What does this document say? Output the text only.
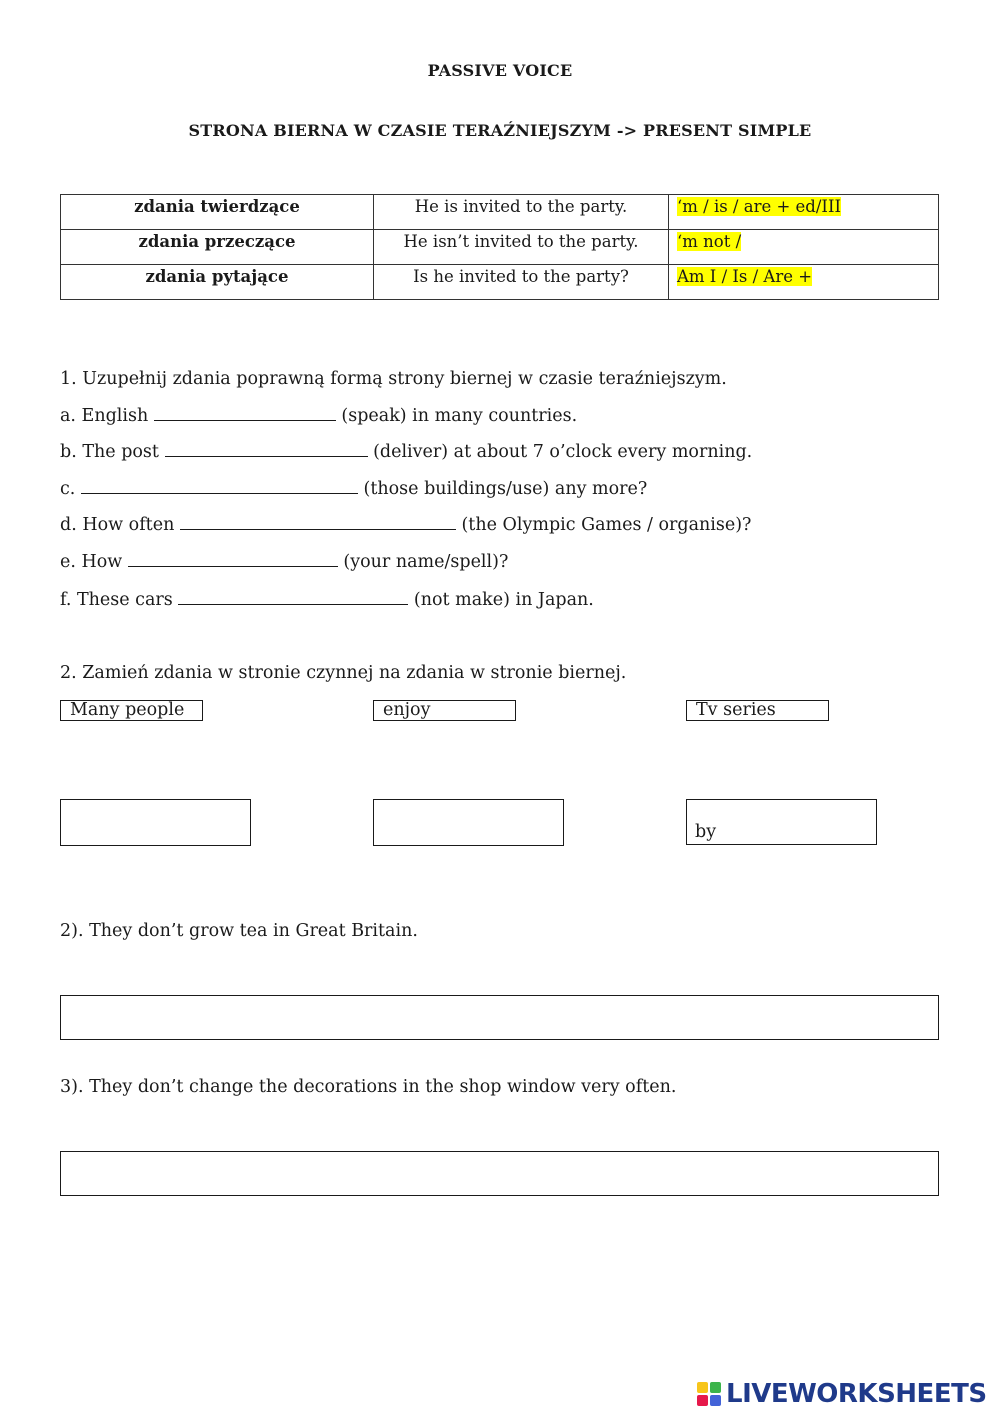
PASSIVE VOICE
STRONA BIERNA W CZASIE TERAŹNIEJSZYM -> PRESENT SIMPLE
zdania twierdzące	He is invited to the party.	‘m / is / are + ed/III
zdania przeczące	He isn’t invited to the party.	‘m not /
zdania pytające	Is he invited to the party?	Am I / Is / Are +
1. Uzupełnij zdania poprawną formą strony biernej w czasie teraźniejszym.
a. English	(speak) in many countries.
b. The post	(deliver) at about 7 o’clock every morning.
c.	(those buildings/use) any more?
d. How often	(the Olympic Games / organise)?
e. How	(your name/spell)?
f. These cars	(not make) in Japan.
2. Zamień zdania w stronie czynnej na zdania w stronie biernej.
Many people	enjoy	Tv series
by
2). They don’t grow tea in Great Britain.
3). They don’t change the decorations in the shop window very often.
LIVEWORKSHEETS
